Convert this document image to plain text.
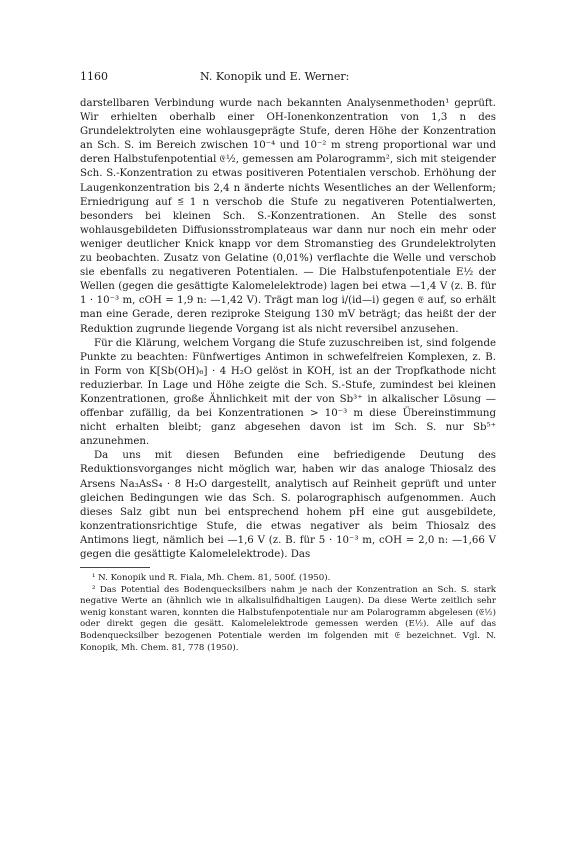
1160	N. Konopik und E. Werner:

darstellbaren Verbindung wurde nach bekannten Analysenmethoden¹ geprüft. Wir erhielten oberhalb einer OH-Ionenkonzentration von 1,3 n des Grundelektrolyten eine wohlausgeprägte Stufe, deren Höhe der Konzentration an Sch. S. im Bereich zwischen 10⁻⁴ und 10⁻² m streng proportional war und deren Halbstufenpotential 𝔈½, gemessen am Polarogramm², sich mit steigender Sch. S.-Konzentration zu etwas positiveren Potentialen verschob. Erhöhung der Laugenkonzentration bis 2,4 n änderte nichts Wesentliches an der Wellenform; Erniedrigung auf ≦ 1 n verschob die Stufe zu negativeren Potentialwerten, besonders bei kleinen Sch. S.-Konzentrationen. An Stelle des sonst wohlausgebildeten Diffusionsstromplateaus war dann nur noch ein mehr oder weniger deutlicher Knick knapp vor dem Stromanstieg des Grundelektrolyten zu beobachten. Zusatz von Gelatine (0,01%) verflachte die Welle und verschob sie ebenfalls zu negativeren Potentialen. — Die Halbstufenpotentiale E½ der Wellen (gegen die gesättigte Kalomelelektrode) lagen bei etwa —1,4 V (z. B. für 1 · 10⁻³ m, cOH = 1,9 n: —1,42 V). Trägt man log i/(id—i) gegen 𝔈 auf, so erhält man eine Gerade, deren reziproke Steigung 130 mV beträgt; das heißt der der Reduktion zugrunde liegende Vorgang ist als nicht reversibel anzusehen.

Für die Klärung, welchem Vorgang die Stufe zuzuschreiben ist, sind folgende Punkte zu beachten: Fünfwertiges Antimon in schwefelfreien Komplexen, z. B. in Form von K[Sb(OH)₆] · 4 H₂O gelöst in KOH, ist an der Tropfkathode nicht reduzierbar. In Lage und Höhe zeigte die Sch. S.-Stufe, zumindest bei kleinen Konzentrationen, große Ähnlichkeit mit der von Sb³⁺ in alkalischer Lösung — offenbar zufällig, da bei Konzentrationen > 10⁻³ m diese Übereinstimmung nicht erhalten bleibt; ganz abgesehen davon ist im Sch. S. nur Sb⁵⁺ anzunehmen.

Da uns mit diesen Befunden eine befriedigende Deutung des Reduktionsvorganges nicht möglich war, haben wir das analoge Thiosalz des Arsens Na₃AsS₄ · 8 H₂O dargestellt, analytisch auf Reinheit geprüft und unter gleichen Bedingungen wie das Sch. S. polarographisch aufgenommen. Auch dieses Salz gibt nun bei entsprechend hohem pH eine gut ausgebildete, konzentrationsrichtige Stufe, die etwas negativer als beim Thiosalz des Antimons liegt, nämlich bei —1,6 V (z. B. für 5 · 10⁻³ m, cOH = 2,0 n: —1,66 V gegen die gesättigte Kalomelelektrode). Das

¹ N. Konopik und R. Fiala, Mh. Chem. 81, 500f. (1950).

² Das Potential des Bodenquecksilbers nahm je nach der Konzentration an Sch. S. stark negative Werte an (ähnlich wie in alkalisulfidhaltigen Laugen). Da diese Werte zeitlich sehr wenig konstant waren, konnten die Halbstufenpotentiale nur am Polarogramm abgelesen (𝔈½) oder direkt gegen die gesätt. Kalomelelektrode gemessen werden (E½). Alle auf das Bodenquecksilber bezogenen Potentiale werden im folgenden mit 𝔈 bezeichnet. Vgl. N. Konopik, Mh. Chem. 81, 778 (1950).
